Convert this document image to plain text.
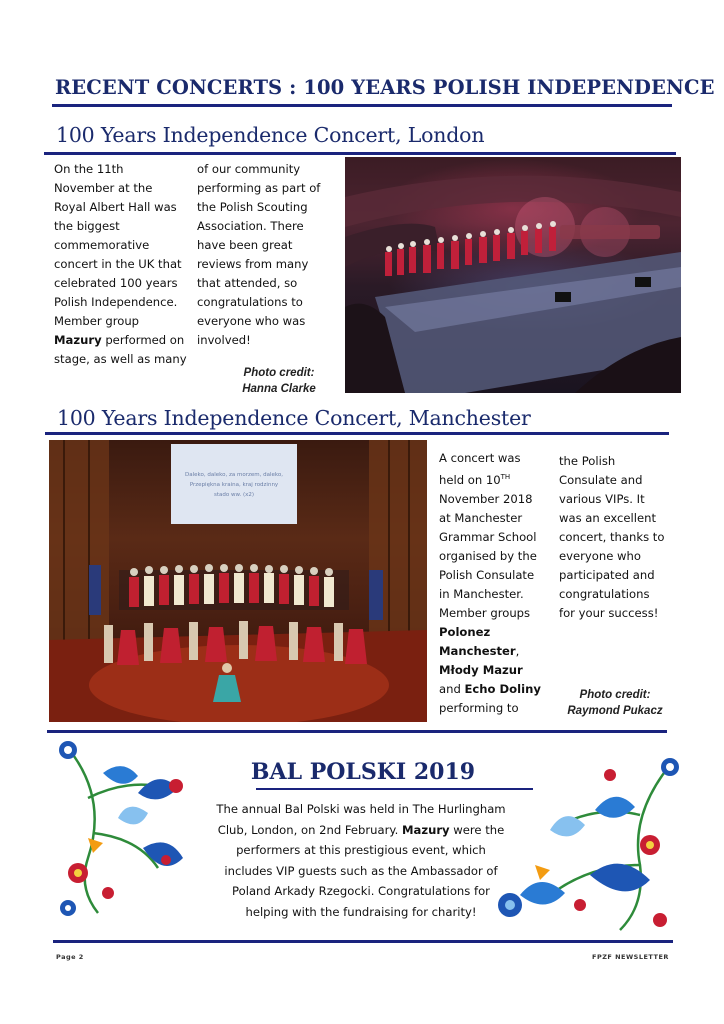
RECENT CONCERTS : 100 YEARS POLISH INDEPENDENCE
100 Years Independence Concert, London
On the 11th
November at the
Royal Albert Hall was
the biggest
commemorative
concert in the UK that
celebrated 100 years
Polish Independence.
Member group
Mazury performed on
stage, as well as many
of our community
performing as part of
the Polish Scouting
Association. There
have been great
reviews from many
that attended, so
congratulations to
everyone who was
involved!
Photo credit:
Hanna Clarke
100 Years Independence Concert, Manchester
Dalеko, daleko, za morzem, daleko,
Przepiękna kraina, kraj rodzinny
stado ww. (x2)
A concert was
held on 10TH
November 2018
at Manchester
Grammar School
organised by the
Polish Consulate
in Manchester.
Member groups
Polonez
Manchester,
Młody Mazur
and Echo Doliny
performing to
the Polish
Consulate and
various VIPs. It
was an excellent
concert, thanks to
everyone who
participated and
congratulations
for your success!
Photo credit:
Raymond Pukacz
BAL POLSKI 2019
The annual Bal Polski was held in The Hurlingham
Club, London, on 2nd February. Mazury were the
performers at this prestigious event, which
includes VIP guests such as the Ambassador of
Poland Arkady Rzegocki. Congratulations for
helping with the fundraising for charity!
Page 2	FPZF NEWSLETTER
